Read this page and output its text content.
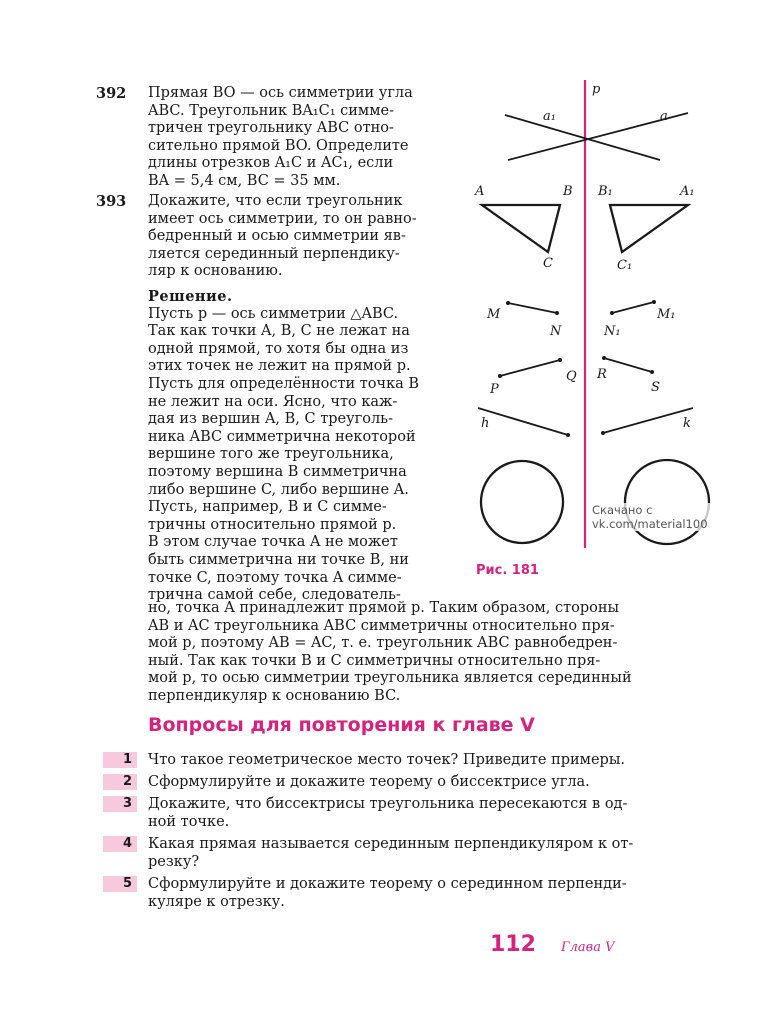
392 Прямая BO — ось симметрии угла
ABC. Треугольник BA₁C₁ симме-
тричен треугольнику ABC отно-
сительно прямой BO. Определите
длины отрезков A₁C и AC₁, если
BA = 5,4 см, BC = 35 мм.
393 Докажите, что если треугольник
имеет ось симметрии, то он равно-
бедренный и осью симметрии яв-
ляется серединный перпендику-
ляр к основанию.
Решение.
Пусть p — ось симметрии △ABC.
Так как точки A, B, C не лежат на
одной прямой, то хотя бы одна из
этих точек не лежит на прямой p.
Пусть для определённости точка B
не лежит на оси. Ясно, что каж-
дая из вершин A, B, C треуголь-
ника ABC симметрична некоторой
вершине того же треугольника,
поэтому вершина B симметрична
либо вершине C, либо вершине A.
Пусть, например, B и C симме-
тричны относительно прямой p.
В этом случае точка A не может
быть симметрична ни точке B, ни
точке C, поэтому точка A симме-
трична самой себе, следователь-
но, точка A принадлежит прямой p. Таким образом, стороны
AB и AC треугольника ABC симметричны относительно пря-
мой p, поэтому AB = AC, т. е. треугольник ABC равнобедрен-
ный. Так как точки B и C симметричны относительно пря-
мой p, то осью симметрии треугольника является серединный
перпендикуляр к основанию BC.
p
a₁	a
A	B
C
B₁	A₁
C₁
M
N	N₁
M₁
P
Q R
S
h	k
Скачано с vk.com/material100
Рис. 181
Вопросы для повторения к главе V
1	Что такое геометрическое место точек? Приведите примеры.
2	Сформулируйте и докажите теорему о биссектрисе угла.
3	Докажите, что биссектрисы треугольника пересекаются в од-
ной точке.
4	Какая прямая называется серединным перпендикуляром к от-
резку?
5	Сформулируйте и докажите теорему о серединном перпенди-
куляре к отрезку.
112 Глава V
